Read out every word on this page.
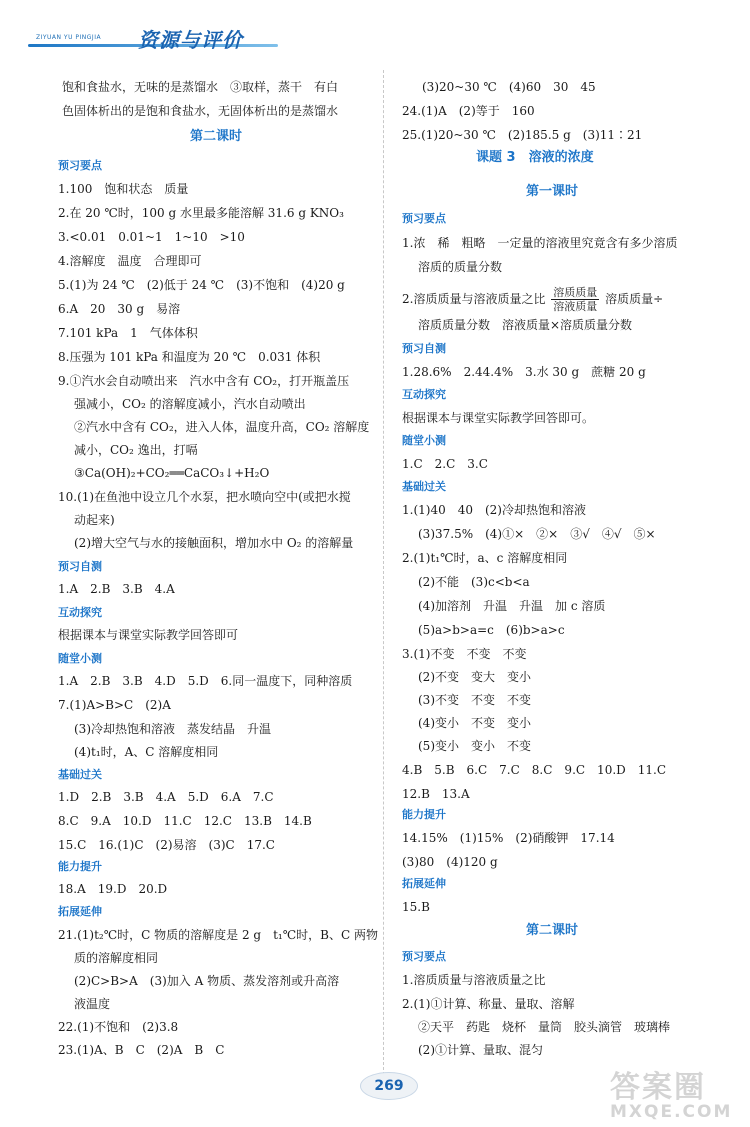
ZIYUAN YU PINGJIA 资源与评价
饱和食盐水，无味的是蒸馏水　③取样，蒸干　有白
色固体析出的是饱和食盐水，无固体析出的是蒸馏水
第二课时
预习要点
1.100　饱和状态　质量
2.在 20 ℃时，100 g 水里最多能溶解 31.6 g KNO₃
3.<0.01　0.01~1　1~10　>10
4.溶解度　温度　合理即可
5.(1)为 24 ℃　(2)低于 24 ℃　(3)不饱和　(4)20 g
6.A　20　30 g　易溶
7.101 kPa　1　气体体积
8.压强为 101 kPa 和温度为 20 ℃　0.031 体积
9.①汽水会自动喷出来　汽水中含有 CO₂，打开瓶盖压
强减小，CO₂ 的溶解度减小，汽水自动喷出
②汽水中含有 CO₂，进入人体，温度升高，CO₂ 溶解度
减小，CO₂ 逸出，打嗝
③Ca(OH)₂+CO₂══CaCO₃↓+H₂O
10.(1)在鱼池中设立几个水泵，把水喷向空中(或把水搅
动起来)
(2)增大空气与水的接触面积，增加水中 O₂ 的溶解量
预习自测
1.A　2.B　3.B　4.A
互动探究
根据课本与课堂实际教学回答即可
随堂小测
1.A　2.B　3.B　4.D　5.D　6.同一温度下，同种溶质
7.(1)A>B>C　(2)A
(3)冷却热饱和溶液　蒸发结晶　升温
(4)t₁时，A、C 溶解度相同
基础过关
1.D　2.B　3.B　4.A　5.D　6.A　7.C
8.C　9.A　10.D　11.C　12.C　13.B　14.B
15.C　16.(1)C　(2)易溶　(3)C　17.C
能力提升
18.A　19.D　20.D
拓展延伸
21.(1)t₂℃时，C 物质的溶解度是 2 g　t₁℃时，B、C 两物
质的溶解度相同
(2)C>B>A　(3)加入 A 物质、蒸发溶剂或升高溶
液温度
22.(1)不饱和　(2)3.8
23.(1)A、B　C　(2)A　B　C
(3)20~30 ℃　(4)60　30　45
24.(1)A　(2)等于　160
25.(1)20~30 ℃　(2)185.5 g　(3)11∶21
课题 3　溶液的浓度
第一课时
预习要点
1.浓　稀　粗略　一定量的溶液里究竟含有多少溶质
溶质的质量分数
2.溶质质量与溶液质量之比 $\frac{\text{溶质质量}}{\text{溶液质量}}$ 溶质质量÷
溶质质量分数　溶液质量×溶质质量分数
预习自测
1.28.6%　2.44.4%　3.水 30 g　蔗糖 20 g
互动探究
根据课本与课堂实际教学回答即可。
随堂小测
1.C　2.C　3.C
基础过关
1.(1)40　40　(2)冷却热饱和溶液
(3)37.5%　(4)①×　②×　③√　④√　⑤×
2.(1)t₁℃时，a、c 溶解度相同
(2)不能　(3)c<b<a
(4)加溶剂　升温　升温　加 c 溶质
(5)a>b>a=c　(6)b>a>c
3.(1)不变　不变　不变
(2)不变　变大　变小
(3)不变　不变　不变
(4)变小　不变　变小
(5)变小　变小　不变
4.B　5.B　6.C　7.C　8.C　9.C　10.D　11.C
12.B　13.A
能力提升
14.15%　(1)15%　(2)硝酸钾　17.14
(3)80　(4)120 g
拓展延伸
15.B
第二课时
预习要点
1.溶质质量与溶液质量之比
2.(1)①计算、称量、量取、溶解
②天平　药匙　烧杯　量筒　胶头滴管　玻璃棒
(2)①计算、量取、混匀
269	答案圈
MXQE.COM
